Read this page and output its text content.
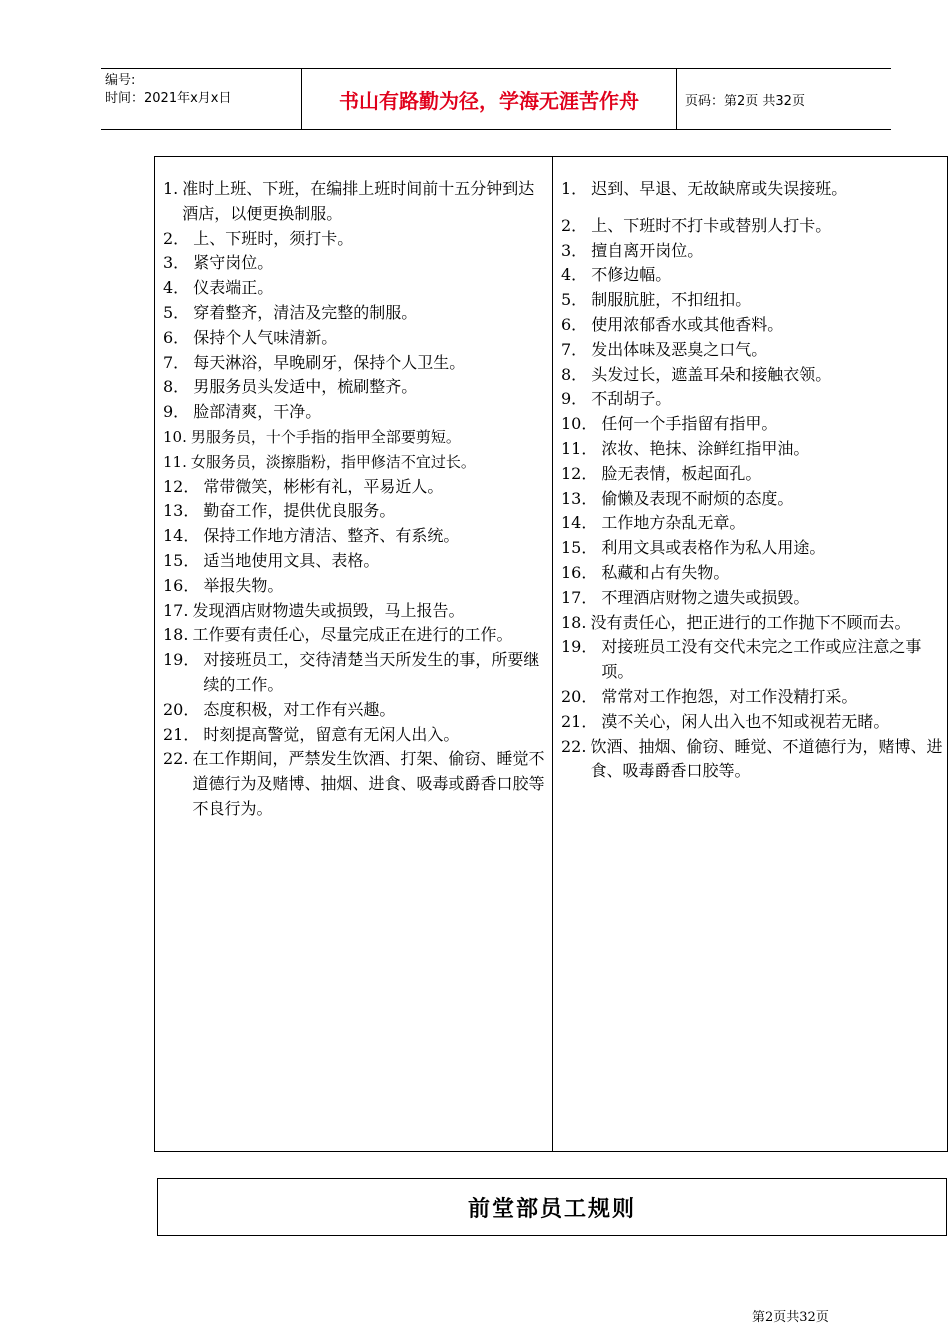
编号:
时间：2021年x月x日	书山有路勤为径，学海无涯苦作舟	页码：第2页 共32页
1. 准时上班、下班，在编排上班时间前十五分钟到达酒店，以便更换制服。
2． 上、下班时，须打卡。
3． 紧守岗位。
4． 仪表端正。
5． 穿着整齐，清洁及完整的制服。
6． 保持个人气味清新。
7． 每天淋浴，早晚刷牙，保持个人卫生。
8． 男服务员头发适中，梳刷整齐。
9． 脸部清爽，干净。
10. 男服务员，十个手指的指甲全部要剪短。
11. 女服务员，淡擦脂粉，指甲修洁不宜过长。
12． 常带微笑，彬彬有礼，平易近人。
13． 勤奋工作，提供优良服务。
14． 保持工作地方清洁、整齐、有系统。
15． 适当地使用文具、表格。
16． 举报失物。
17. 发现酒店财物遗失或损毁，马上报告。
18. 工作要有责任心，尽量完成正在进行的工作。
19． 对接班员工，交待清楚当天所发生的事，所要继续的工作。
20． 态度积极，对工作有兴趣。
21． 时刻提高警觉，留意有无闲人出入。
22. 在工作期间，严禁发生饮酒、打架、偷窃、睡觉不道德行为及赌博、抽烟、进食、吸毒或爵香口胶等不良行为。
1． 迟到、早退、无故缺席或失误接班。
2． 上、下班时不打卡或替别人打卡。
3． 擅自离开岗位。
4． 不修边幅。
5． 制服肮脏，不扣纽扣。
6． 使用浓郁香水或其他香料。
7． 发出体味及恶臭之口气。
8． 头发过长，遮盖耳朵和接触衣领。
9． 不刮胡子。
10． 任何一个手指留有指甲。
11． 浓妆、艳抹、涂鲜红指甲油。
12． 脸无表情，板起面孔。
13． 偷懒及表现不耐烦的态度。
14． 工作地方杂乱无章。
15． 利用文具或表格作为私人用途。
16． 私藏和占有失物。
17． 不理酒店财物之遗失或损毁。
18. 没有责任心，把正进行的工作抛下不顾而去。
19． 对接班员工没有交代未完之工作或应注意之事项。
20． 常常对工作抱怨，对工作没精打采。
21． 漠不关心，闲人出入也不知或视若无睹。
22. 饮酒、抽烟、偷窃、睡觉、不道德行为，赌博、进食、吸毒爵香口胶等。
前堂部员工规则
第2页共32页
